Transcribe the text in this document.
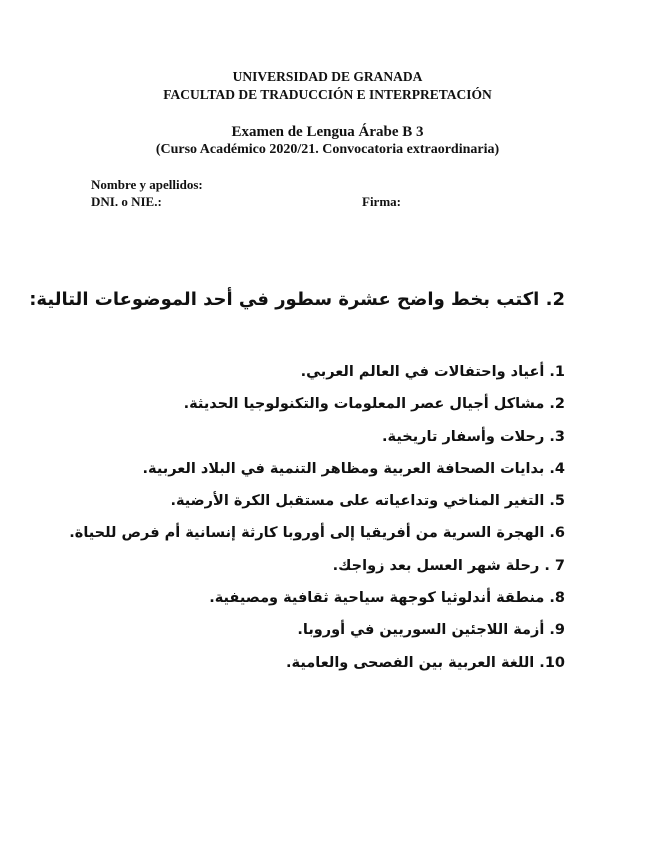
UNIVERSIDAD DE GRANADA
FACULTAD DE TRADUCCIÓN E INTERPRETACIÓN
Examen de Lengua Árabe B 3
(Curso Académico 2020/21. Convocatoria extraordinaria)
Nombre y apellidos:
DNI. o NIE.:	Firma:
2. اكتب بخط واضح عشرة سطور في أحد الموضوعات التالية:
1. أعياد واحتفالات في العالم العربي.
2. مشاكل أجيال عصر المعلومات والتكنولوجيا الحديثة.
3. رحلات وأسفار تاريخية.
4. بدايات الصحافة العربية ومظاهر التنمية في البلاد العربية.
5. التغير المناخي وتداعياته على مستقبل الكرة الأرضية.
6. الهجرة السرية من أفريقيا إلى أوروبا كارثة إنسانية أم فرص للحياة.
7 . رحلة شهر العسل بعد زواجك.
8. منطقة أندلوثيا كوجهة سياحية ثقافية ومصيفية.
9. أزمة اللاجئين السوريين في أوروبا.
10. اللغة العربية بين الفصحى والعامية.
